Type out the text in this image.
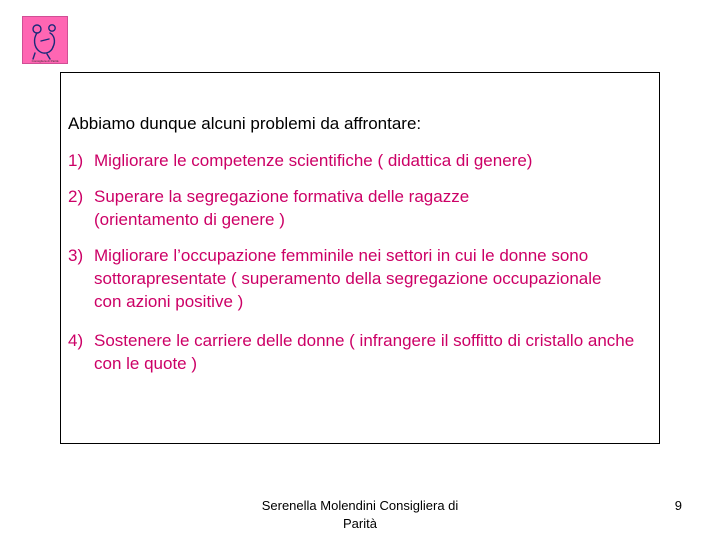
Consigliera di Parità
Abbiamo dunque alcuni problemi da affrontare:
1) Migliorare le competenze scientifiche ( didattica di genere)
2) Superare la segregazione formativa delle ragazze (orientamento di genere )
3) Migliorare l’occupazione femminile nei settori in cui le donne sono sottorapresentate ( superamento della segregazione occupazionale con azioni positive )
4) Sostenere le carriere delle donne ( infrangere il soffitto di cristallo anche con le quote )
Serenella Molendini Consigliera di
Parità
9
